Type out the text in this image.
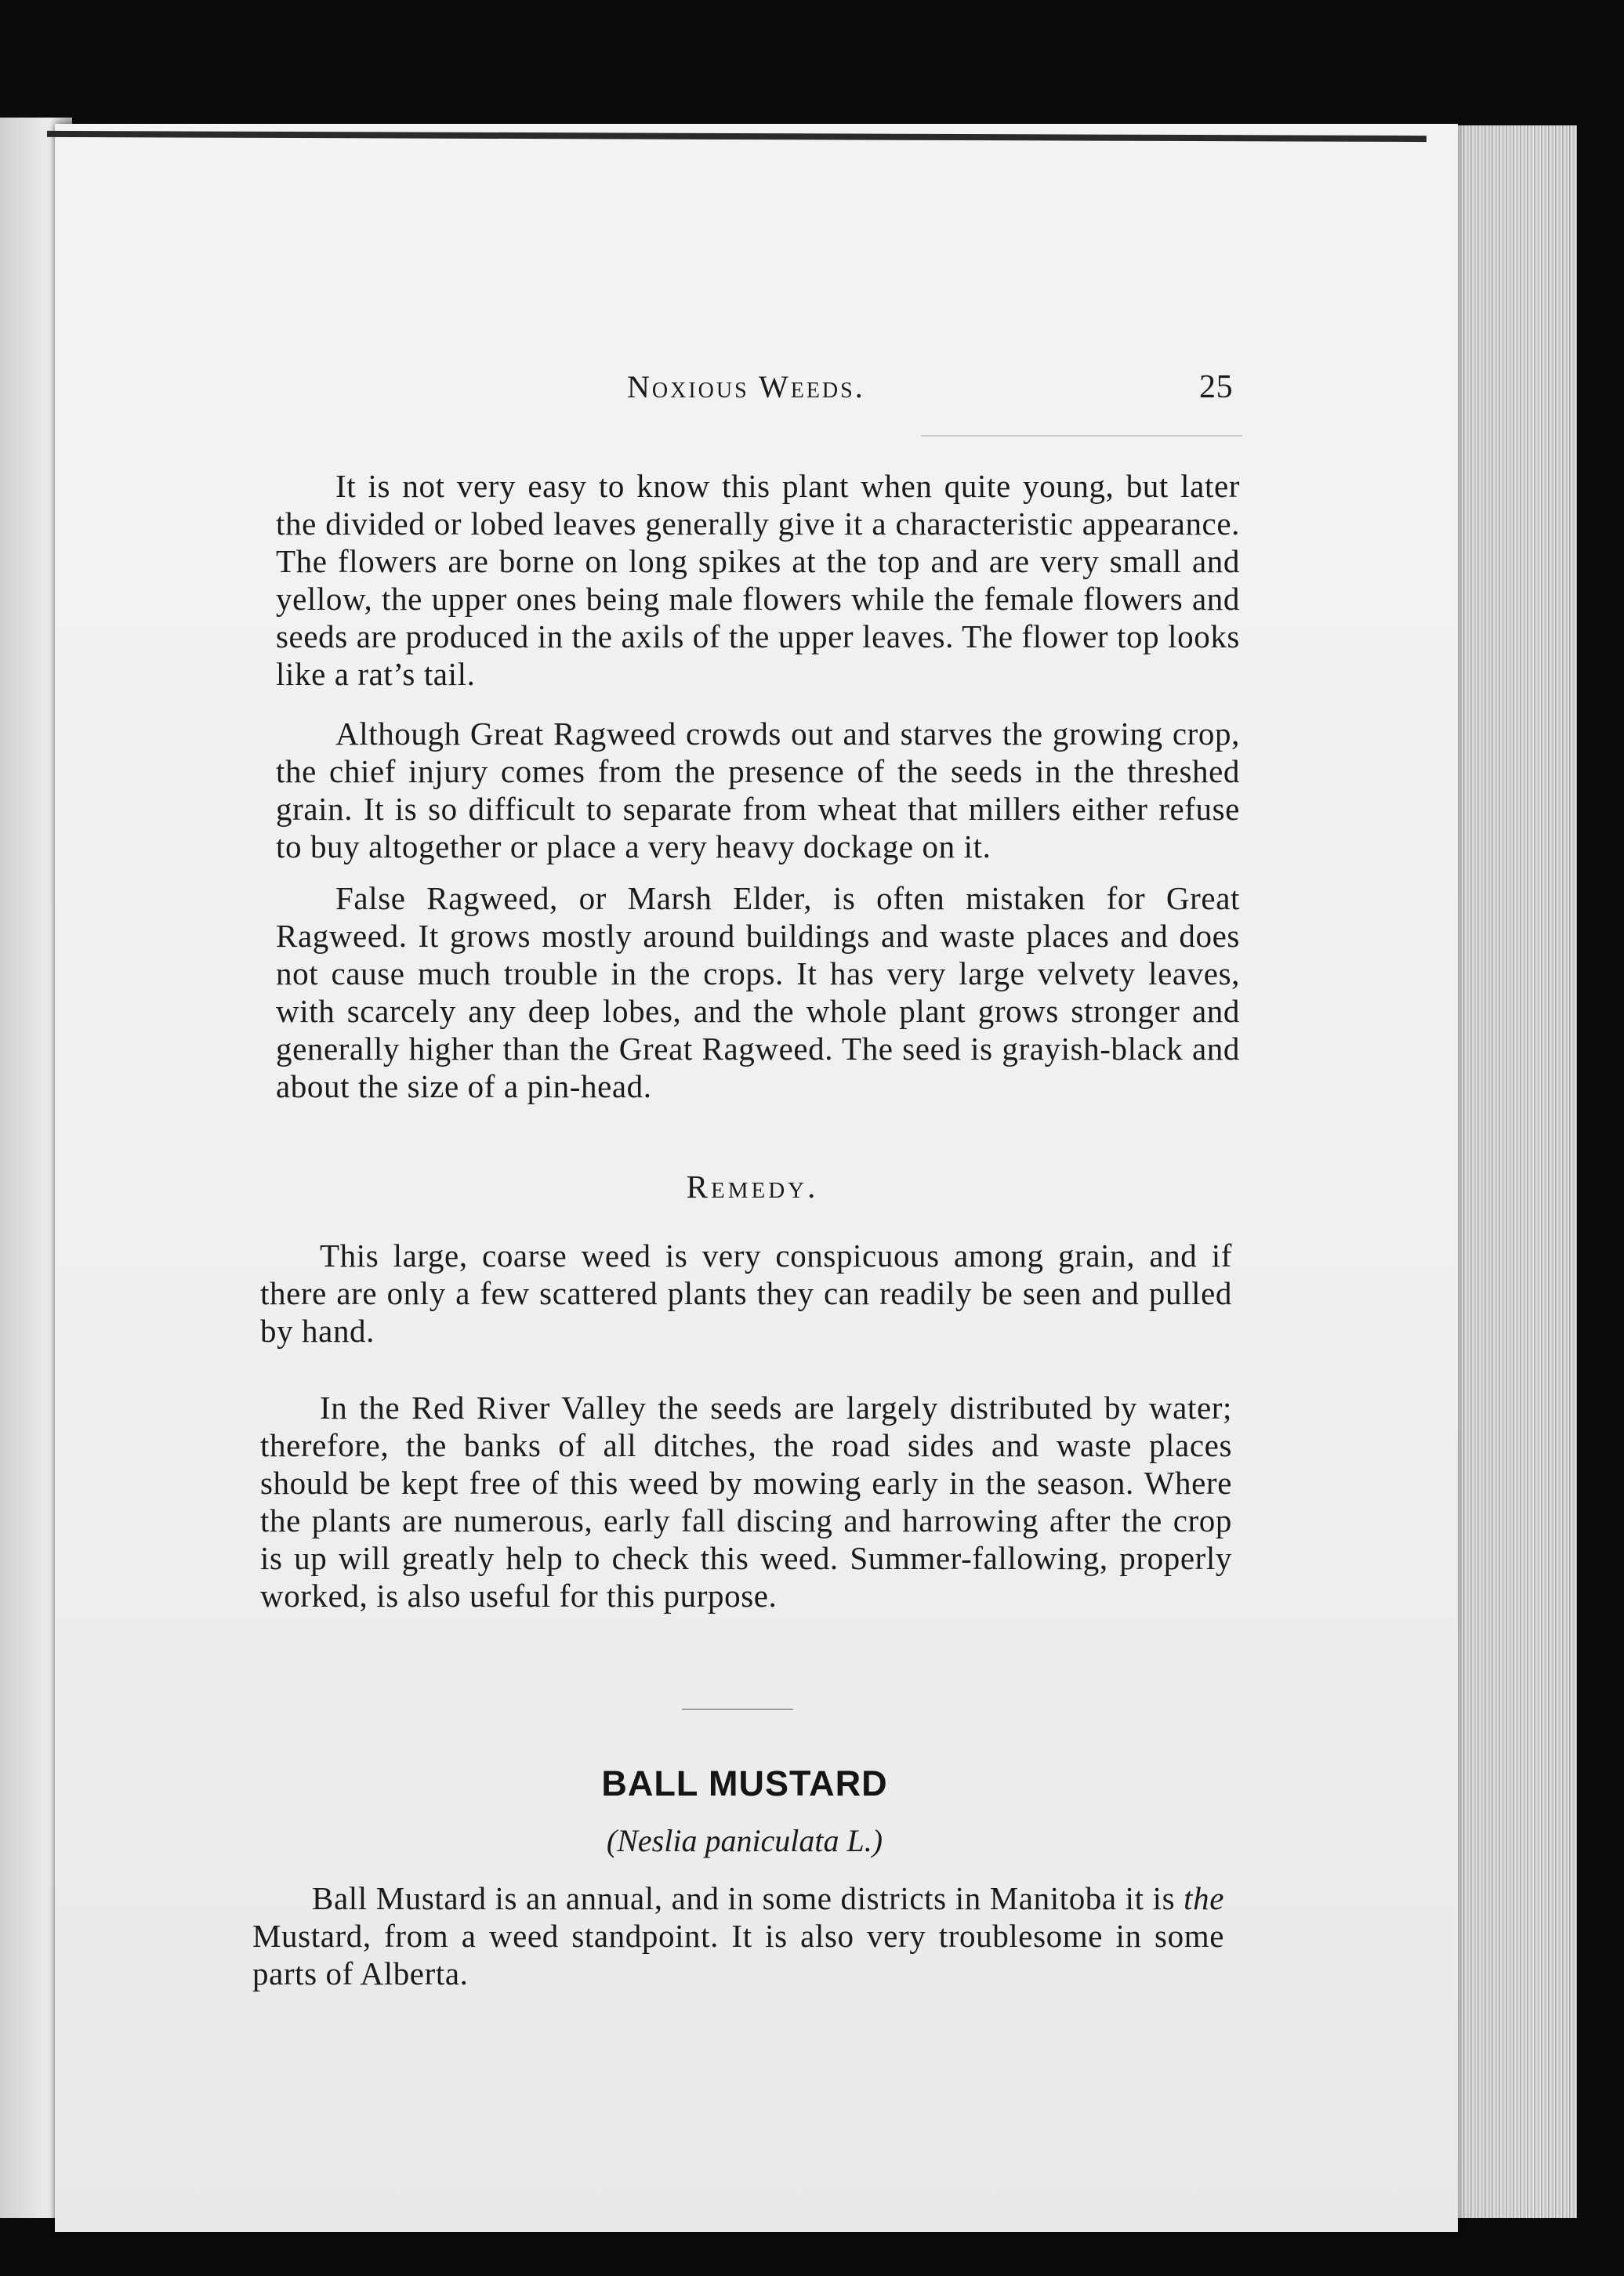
Noxious Weeds.	25

It is not very easy to know this plant when quite young, but later the divided or lobed leaves generally give it a characteristic appearance. The flowers are borne on long spikes at the top and are very small and yellow, the upper ones being male flowers while the female flowers and seeds are produced in the axils of the upper leaves. The flower top looks like a rat’s tail.

Although Great Ragweed crowds out and starves the growing crop, the chief injury comes from the presence of the seeds in the threshed grain. It is so difficult to separate from wheat that millers either refuse to buy altogether or place a very heavy dockage on it.

False Ragweed, or Marsh Elder, is often mistaken for Great Ragweed. It grows mostly around buildings and waste places and does not cause much trouble in the crops. It has very large velvety leaves, with scarcely any deep lobes, and the whole plant grows stronger and generally higher than the Great Ragweed. The seed is grayish-black and about the size of a pin-head.

Remedy.

This large, coarse weed is very conspicuous among grain, and if there are only a few scattered plants they can readily be seen and pulled by hand.

In the Red River Valley the seeds are largely distributed by water; therefore, the banks of all ditches, the road sides and waste places should be kept free of this weed by mowing early in the season. Where the plants are numerous, early fall discing and harrowing after the crop is up will greatly help to check this weed. Summer-fallowing, properly worked, is also useful for this purpose.

BALL MUSTARD
(Neslia paniculata L.)

Ball Mustard is an annual, and in some districts in Manitoba it is the Mustard, from a weed standpoint. It is also very troublesome in some parts of Alberta.
